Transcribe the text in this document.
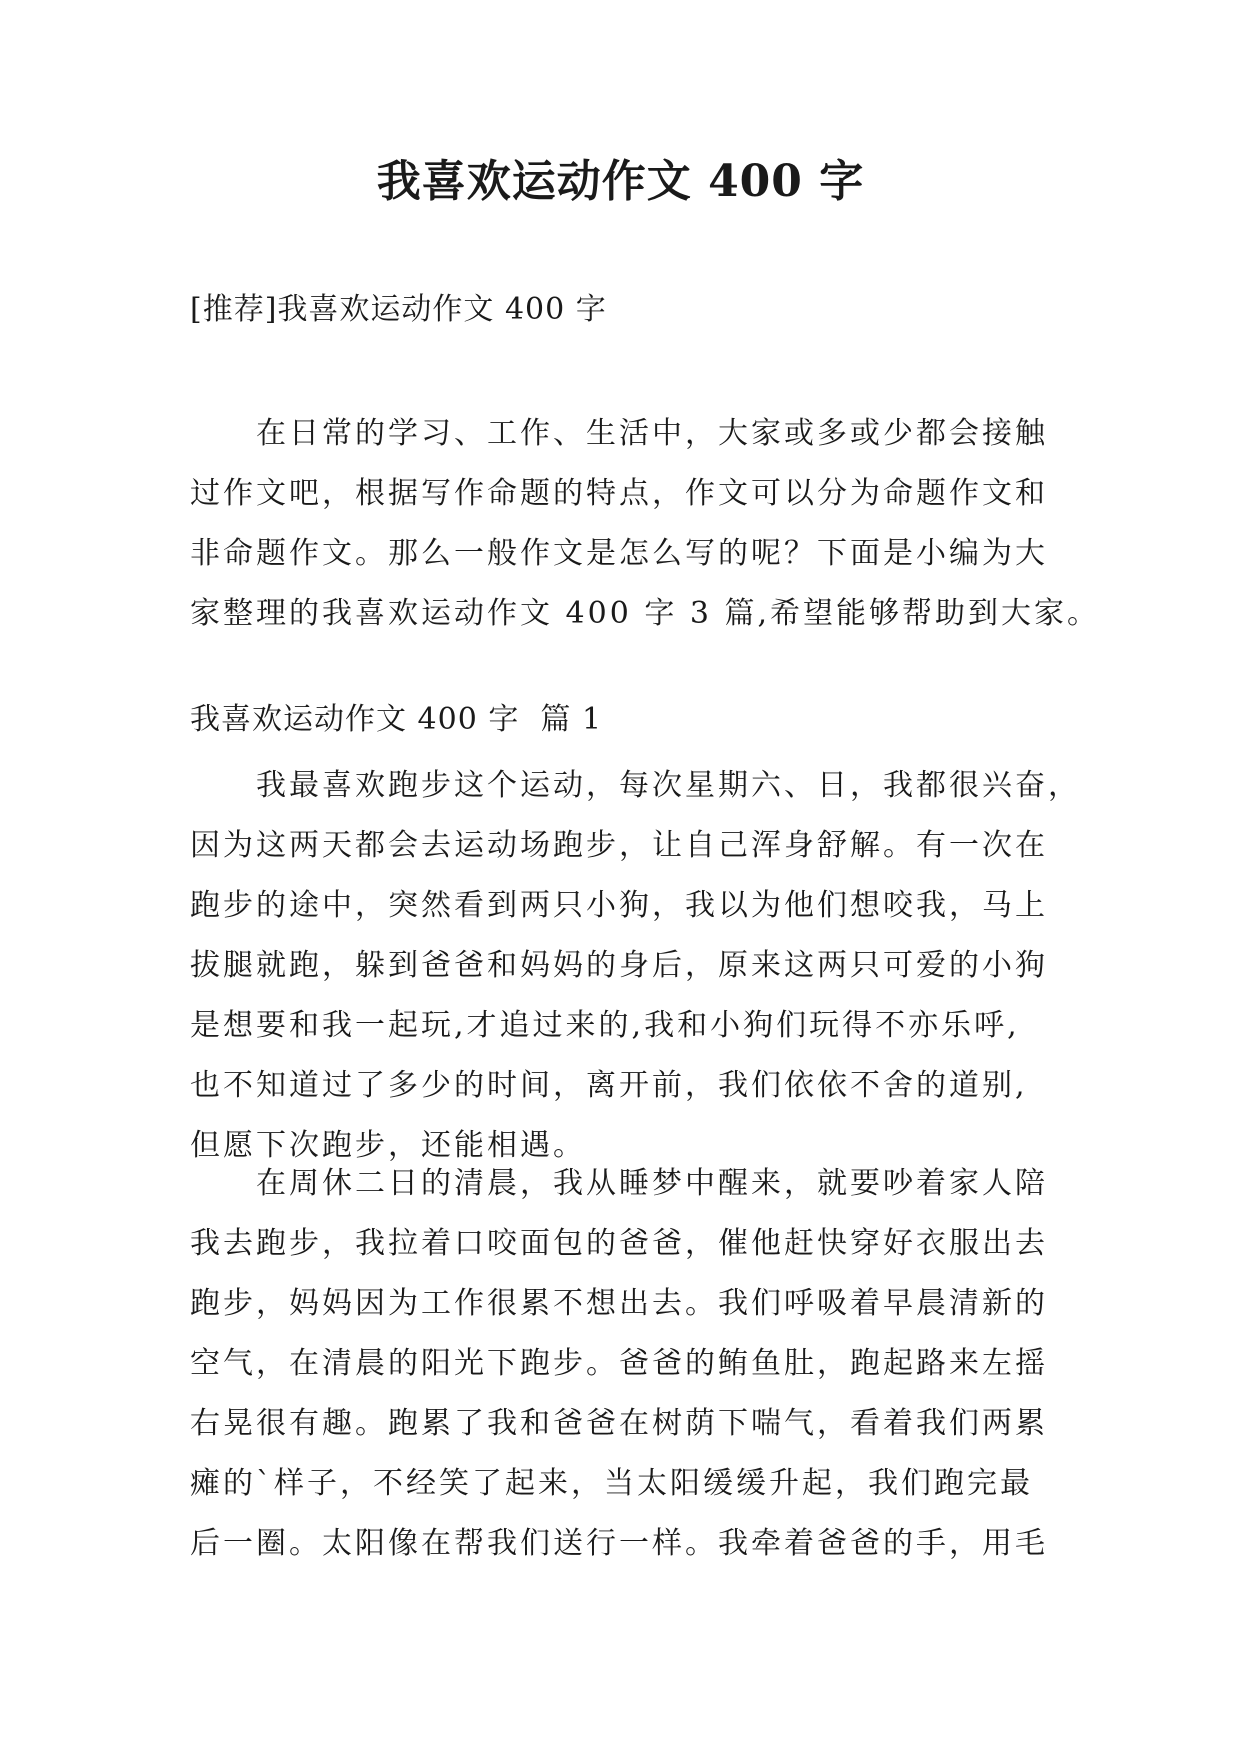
我喜欢运动作文 400 字
[推荐]我喜欢运动作文 400 字
在日常的学习、工作、生活中，大家或多或少都会接触
过作文吧，根据写作命题的特点，作文可以分为命题作文和
非命题作文。那么一般作文是怎么写的呢？下面是小编为大
家整理的我喜欢运动作文 400 字 3 篇,希望能够帮助到大家。
我喜欢运动作文 400 字  篇 1
我最喜欢跑步这个运动，每次星期六、日，我都很兴奋，
因为这两天都会去运动场跑步，让自己浑身舒解。有一次在
跑步的途中，突然看到两只小狗，我以为他们想咬我，马上
拔腿就跑，躲到爸爸和妈妈的身后，原来这两只可爱的小狗
是想要和我一起玩,才追过来的,我和小狗们玩得不亦乐呼,
也不知道过了多少的时间，离开前，我们依依不舍的道别,
但愿下次跑步，还能相遇。
在周休二日的清晨，我从睡梦中醒来，就要吵着家人陪
我去跑步，我拉着口咬面包的爸爸，催他赶快穿好衣服出去
跑步，妈妈因为工作很累不想出去。我们呼吸着早晨清新的
空气，在清晨的阳光下跑步。爸爸的鲔鱼肚，跑起路来左摇
右晃很有趣。跑累了我和爸爸在树荫下喘气，看着我们两累
瘫的`样子，不经笑了起来，当太阳缓缓升起，我们跑完最
后一圈。太阳像在帮我们送行一样。我牵着爸爸的手，用毛
